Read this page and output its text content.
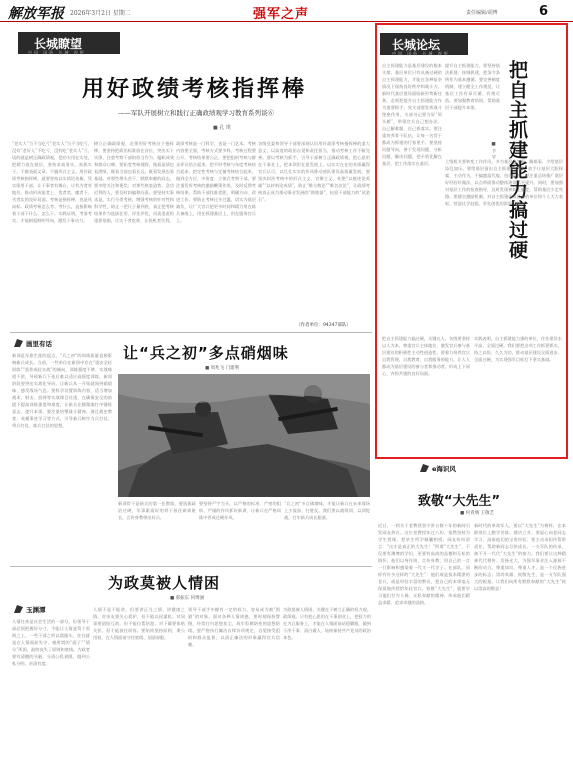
解放军报 2026年3月2日 星期二	强军之声	责任编辑/胡博	6
长城瞭望
中国 国防 长城 视野
用好政绩考核指挥棒
——军队开展树立和践行正确政绩观学习教育系列谈⑥
■ 孔 琪
“老实人”当不当吃亏“老实人”当不当吃亏，没有“老好人”不吃亏，没有吃“老实人”亏，谈的就是树正确政绩观，把功夫用在实处，把精力放在基层，坚持求真务实，真抓实干，不做表面文章，不搞形式主义。用好政绩考核指挥棒，就要坚持以实绩论英雄，凭实绩用干部，让干事者有舞台，让有为者有地位，推动形成能者上、优者奖、庸者下、劣者汰的良好局面。考核是指挥棒，也是风向标。政绩考核怎么考、考什么，直接影响着干部干什么、怎么干。实践证明，考准考实，才能树起鲜明导向，激发干事动力。
树立正确政绩观，必须用好考核这个指挥棒。要坚持把政治标准放在首位，突出实干实绩，注重考察干部的担当作为、履职成效和群众口碑。要拓宽考核视野，既看显绩也看潜绩，既看当前也看长远，既看发展也看基础。对那些埋头苦干、默默奉献的同志，要多给关注和褒奖；对那些热衷造势、急功近利的人，要及时纠偏和问责。要坚持实事求是，实行分类考核，增强考核的针对性和科学性，防止一把尺子量到底，真正把考核结果作为选拔任用、评先评优、问责追责的重要依据，让实干者吃香、让投机者失利。
政绩考核是一门科学，也是一门艺术。考核内容要全面，考核方式要多样，考核过程要公开，考核结果要公正。要把组织考核与群众评议结合起来，把平时考核与年度考核结合起来，把定性考核与定量考核结合起来，做到全方位、多角度、立体式考察干部。要注重发挥考核的激励鞭策作用，及时反馈考核结果，帮助干部找准差距、明确方向、改进工作。要防止考核过多过滥，切实为基层减负，让广大官兵把更多时间和精力用在练兵备战上，用在抓建基层上，用在服务官兵上。
各级党委和领导干部要深刻认识用好政绩考核指挥棒的重大意义，以高度的政治自觉和责任担当，推动考核工作不断完善。要以考核为抓手，引导干部树立正确政绩观，把心思用在干事业上，把本领用在促发展上，以实实在在的业绩赢得官兵认可，以扎扎实实的作风推动部队建设高质量发展。要坚决纠治考核中的形式主义、官僚主义，杜绝“以痕迹论英雄”“以材料论成绩”，防止“唯分数论”“唯名次论”，让政绩考核真正成为推动事业发展的“助推器”、检验干部能力的“试金石”。
（作者单位：94347部队）
长城论坛
中国 国防 长城 视野
把自主抓建能力搞过硬
■ 卞 宇
自主抓建能力是基层建设的根本支撑。基层单位只有具备过硬的自主抓建能力，才能在各种复杂情况下保持良好秩序和战斗力。新时代基层建设面临新形势新任务，必须把提升自主抓建能力作为重要抓手。党支部要发挥战斗堡垒作用，支部书记要当好“领头雁”，带领官兵自己想办法、自己解难题、自己抓落实。要注重培养骨干队伍，让每一名骨干都成为抓建的行家里手。要坚持问题导向，善于发现问题、分析问题、解决问题，把矛盾化解在基层，把工作落实在基层。
提升自主抓建能力，要坚持依法抓建、按纲抓建，把条令条例作为基本遵循。要完善制度机制，建立健全工作规范，让基层工作有章可循、有规可依。要加强教育培训，帮助基层干部提升本领。
上级机关要转变工作作风，多为基层办实事、解难事，少给基层添乱加压。要给基层留出自主抓建的空间，放手让基层大胆探索、主动作为，不搞越俎代庖、包办代替。要注重总结推广基层好经验好做法，以点带面推动整体建设水平提升。同时，要加强对基层工作的检查指导，及时发现和纠正偏差，帮助基层少走弯路。要健全激励机制，对自主抓建成效显著的单位和个人大力表彰，营造比学赶超、争先创优的浓厚氛围。
把自主抓建能力搞过硬，关键在人。各级要坚持以人为本，尊重官兵主体地位，激发官兵参与基层建设的积极性主动性创造性。要着力培养官兵自我管理、自我教育、自我服务的能力，让人人都成为基层建设的参与者和推动者，形成上下同心、齐抓共建的良好局面。
实践表明，自主抓建能力强的单位，往往建设水平高、全面过硬。我们要把这项工作抓紧抓实，持之以恒、久久为功，推动基层建设全面进步、全面过硬，为实现强军目标打下坚实基础。
画里有话
新训是军旅生涯的起点，“兵之初”的训练质量直接影响新兵成长。当前，一些单位在新训中存在“重安全轻训练”“重养成轻实战”的倾向，训练强度不够、实战味道不浓，导致新兵下连后难以适应高强度训练。新训阶段要突出实战化导向，让新兵从一开始就闻到硝烟味、感受战场气息。要科学设置训练内容，适当增加战术、射击、投弹等实战课目比重，在确保安全的前提下提高训练强度和难度，让新兵在摸爬滚打中锤炼意志、提升本领。要注重培塑战斗精神，通过战史教育、英模事迹学习等方式，引导新兵树牢当兵打仗、带兵打仗、练兵打仗的思想。
让“兵之初”多点硝烟味
■ 周兆飞 门建利
新训骨干是新兵的第一任教练，要选拔政治过硬、军事素质好的骨干担任新训班长，言传身教带出好兵。
要坚持严字当头，以严格的标准、严密的组织、严谨的作风抓好新训，让新兵在严格训练中养成过硬作风。
“兵之初”多点硝烟味，才能让新兵在未来战场上少流血、打胜仗。我们要以战领训、以训促战，打牢新兵成长根基。
e海识风
致敬“大先生”
■ 何青璃 王敬艺
近日，一则关于老教授坚守讲台数十年的新闻引发网友热议。这位老教授年过八旬，依然坚持为学生授课，把毕生所学倾囊相授。网友纷纷留言：“这才是真正的大先生！”所谓“大先生”，不仅要有渊博的学识，更要有高尚的品德和无私的情怀。他们以身作则、言传身教，用自己的一言一行影响和感染着一代又一代学子。在部队，同样有许多这样的“大先生”：他们或是技术精湛的老兵，或是经验丰富的教员，把自己的本领毫无保留地传授给年轻官兵。致敬“大先生”，就要学习他们甘为人梯、无私奉献的精神，传承他们精益求精、追求卓越的品格。
新时代的革命军人，要以“大先生”为榜样，在本职岗位上勤学苦练、建功立业。要虚心向老同志学习，汲取他们的宝贵经验；要主动承担传帮带责任，帮助新同志尽快成长。一支军队的传承，离不开一代代“大先生”的接力。我们要让这种精神代代相传、发扬光大，为强军事业注入源源不断的动力。尊重知识、尊重人才，是一个民族进步的标志；崇尚英雄、致敬先生，是一支军队强大的根基。让我们向所有默默奉献的“大先生”致以崇高的敬意！
为政莫被人情困
■ 郝振东 何博涵
玉渊潭
人情往来是社会生活的一部分，但领导干部必须把握好分寸，不能让人情凌驾于原则之上。一些干部之所以栽跟头，往往就是在人情面前失守，被所谓的“面子”“情分”所困，最终丧失了原则和底线。为政者要有清醒的头脑，分清公私界限，做到公私分明、亲清有度。
人情不是不能讲，但要讲正当之情、讲健康之情。对亲友要关心爱护，但不能以权谋私；对同事要团结互助，但不能拉帮结派；对下属要体贴关怀，但不能放任纵容。要始终坚持原则，秉公用权，在人情面前守住底线、划清界限。
领导干部手中握有一定的权力，容易成为被“围猎”的对象。面对各种人情诱惑，要时刻保持警惕，经常打扫思想灰尘，筑牢拒腐防变的思想防线。要严格执行廉洁自律各项规定，自觉接受组织和群众监督，以清正廉洁的形象赢得官兵信赖。
为政莫被人情困，关键在于树立正确的权力观、政绩观。只有把心思用在干事创业上，把权力用在为兵服务上，才能在人情面前站稳脚跟，做到干净干事、清白做人，始终保持共产党员的政治本色。
